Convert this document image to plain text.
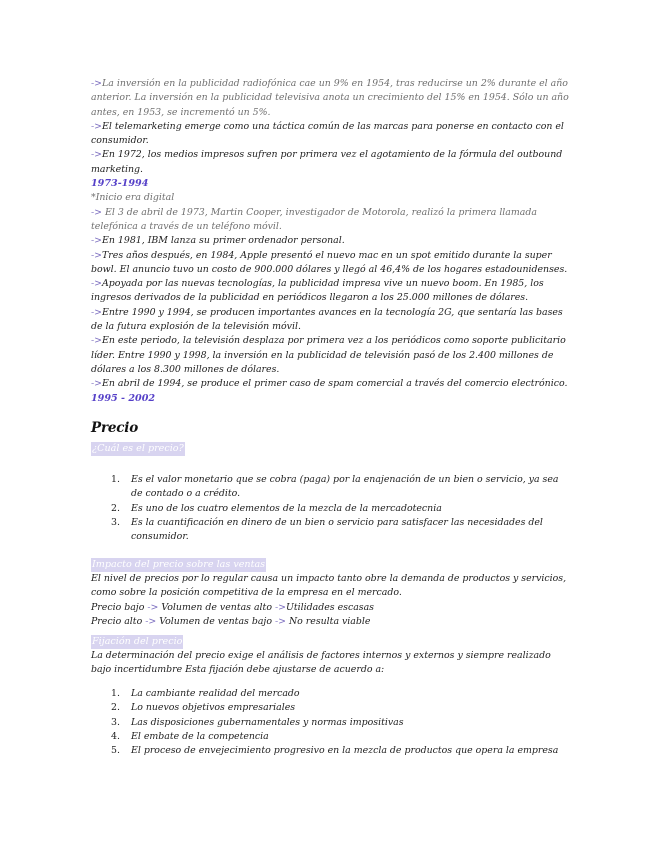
->La inversión en la publicidad radiofónica cae un 9% en 1954, tras reducirse un 2% durante el año anterior. La inversión en la publicidad televisiva anota un crecimiento del 15% en 1954. Sólo un año antes, en 1953, se incrementó un 5%.

->El telemarketing emerge como una táctica común de las marcas para ponerse en contacto con el consumidor.

->En 1972, los medios impresos sufren por primera vez el agotamiento de la fórmula del outbound marketing.

1973-1994

*Inicio era digital

-> El 3 de abril de 1973, Martin Cooper, investigador de Motorola, realizó la primera llamada telefónica a través de un teléfono móvil.

->En 1981, IBM lanza su primer ordenador personal.

->Tres años después, en 1984, Apple presentó el nuevo mac en un spot emitido durante la super bowl. El anuncio tuvo un costo de 900.000 dólares y llegó al 46,4% de los hogares estadounidenses.

->Apoyada por las nuevas tecnologías, la publicidad impresa vive un nuevo boom. En 1985, los ingresos derivados de la publicidad en periódicos llegaron a los 25.000 millones de dólares.

->Entre 1990 y 1994, se producen importantes avances en la tecnología 2G, que sentaría las bases de la futura explosión de la televisión móvil.

->En este periodo, la televisión desplaza por primera vez a los periódicos como soporte publicitario líder. Entre 1990 y 1998, la inversión en la publicidad de televisión pasó de los 2.400 millones de dólares a los 8.300 millones de dólares.

->En abril de 1994, se produce el primer caso de spam comercial a través del comercio electrónico.

1995 - 2002

Precio

¿Cuál es el precio?
1. Es el valor monetario que se cobra (paga) por la enajenación de un bien o servicio, ya sea de contado o a crédito.
2. Es uno de los cuatro elementos de la mezcla de la mercadotecnia
3. Es la cuantificación en dinero de un bien o servicio para satisfacer las necesidades del consumidor.
Impacto del precio sobre las ventas

El nivel de precios por lo regular causa un impacto tanto obre la demanda de productos y servicios, como sobre la posición competitiva de la empresa en el mercado.

Precio bajo -> Volumen de ventas alto ->Utilidades escasas

Precio alto -> Volumen de ventas bajo -> No resulta viable

Fijación del precio

La determinación del precio exige el análisis de factores internos y externos y siempre realizado bajo incertidumbre Esta fijación debe ajustarse de acuerdo a:

1. La cambiante realidad del mercado
2. Lo nuevos objetivos empresariales
3. Las disposiciones gubernamentales y normas impositivas
4. El embate de la competencia
5. El proceso de envejecimiento progresivo en la mezcla de productos que opera la empresa
